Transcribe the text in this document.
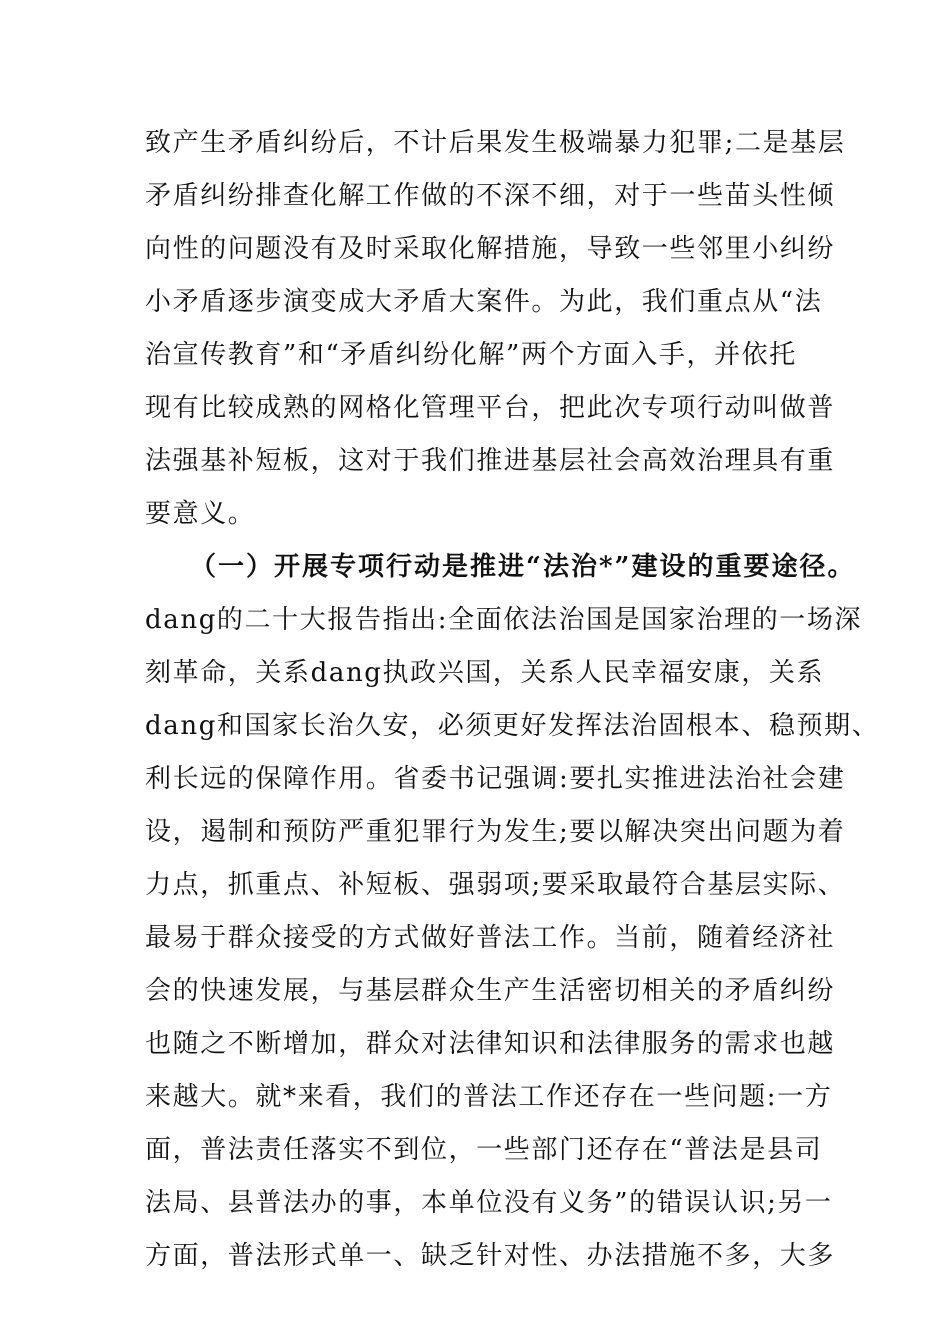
致产生矛盾纠纷后，不计后果发生极端暴力犯罪;二是基层
矛盾纠纷排查化解工作做的不深不细，对于一些苗头性倾
向性的问题没有及时采取化解措施，导致一些邻里小纠纷
小矛盾逐步演变成大矛盾大案件。为此，我们重点从“法
治宣传教育”和“矛盾纠纷化解”两个方面入手，并依托
现有比较成熟的网格化管理平台，把此次专项行动叫做普
法强基补短板，这对于我们推进基层社会高效治理具有重
要意义。
（一）开展专项行动是推进“法治*”建设的重要途径。
dang的二十大报告指出:全面依法治国是国家治理的一场深
刻革命，关系dang执政兴国，关系人民幸福安康，关系
dang和国家长治久安，必须更好发挥法治固根本、稳预期、
利长远的保障作用。省委书记强调:要扎实推进法治社会建
设，遏制和预防严重犯罪行为发生;要以解决突出问题为着
力点，抓重点、补短板、强弱项;要采取最符合基层实际、
最易于群众接受的方式做好普法工作。当前，随着经济社
会的快速发展，与基层群众生产生活密切相关的矛盾纠纷
也随之不断增加，群众对法律知识和法律服务的需求也越
来越大。就*来看，我们的普法工作还存在一些问题:一方
面，普法责任落实不到位，一些部门还存在“普法是县司
法局、县普法办的事，本单位没有义务”的错误认识;另一
方面，普法形式单一、缺乏针对性、办法措施不多，大多
